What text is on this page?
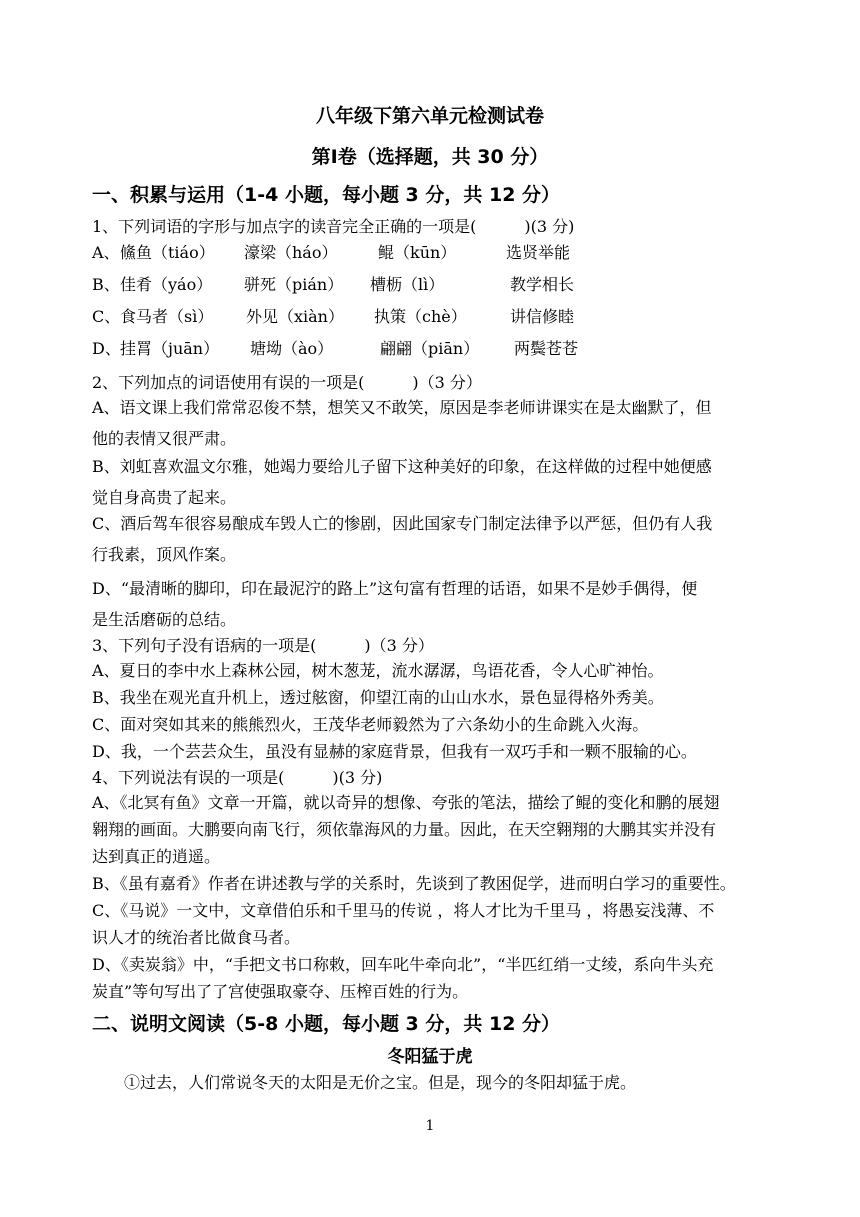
八年级下第六单元检测试卷
第Ⅰ卷（选择题，共 30 分）
一、积累与运用（1-4 小题，每小题 3 分，共 12 分）
1、下列词语的字形与加点字的读音完全正确的一项是(　　　)(3 分)
A、 鯈鱼（tiáo） 濠梁（háo）	鲲（kūn）	选贤举能
B、 佳肴（yáo） 骈死（pián） 槽枥（lì）	教学相长
C、 食马者（sì） 外见（xiàn） 执策（chè）	讲信修睦
D、 挂罥（juān） 塘坳（ào）	翩翩（piān） 两鬓苍苍
2、下列加点的词语使用有误的一项是(　　　)（3 分）
A、语文课上我们常常忍俊不禁，想笑又不敢笑，原因是李老师讲课实在是太幽默了，但
他的表情又很严肃。
B、刘虹喜欢温文尔雅，她竭力要给儿子留下这种美好的印象，在这样做的过程中她便感
觉自身高贵了起来。
C、酒后驾车很容易酿成车毁人亡的惨剧，因此国家专门制定法律予以严惩，但仍有人我
行我素，顶风作案。
D、“最清晰的脚印，印在最泥泞的路上”这句富有哲理的话语，如果不是妙手偶得，便
是生活磨砺的总结。
3、下列句子没有语病的一项是(　　　)（3 分）
A、夏日的李中水上森林公园，树木葱茏，流水潺潺，鸟语花香，令人心旷神怡。
B、我坐在观光直升机上，透过舷窗，仰望江南的山山水水，景色显得格外秀美。
C、面对突如其来的熊熊烈火，王茂华老师毅然为了六条幼小的生命跳入火海。
D、我，一个芸芸众生，虽没有显赫的家庭背景，但我有一双巧手和一颗不服输的心。
4、下列说法有误的一项是(　　　)(3 分)
A、《北冥有鱼》文章一开篇，就以奇异的想像、夸张的笔法，描绘了鲲的变化和鹏的展翅
翱翔的画面。大鹏要向南飞行，须依靠海风的力量。因此，在天空翱翔的大鹏其实并没有
达到真正的逍遥。
B、《虽有嘉肴》作者在讲述教与学的关系时，先谈到了教困促学，进而明白学习的重要性。
C、《马说》一文中，文章借伯乐和千里马的传说 ，将人才比为千里马 ，将愚妄浅薄、不
识人才的统治者比做食马者。
D、《卖炭翁》中，“手把文书口称敕，回车叱牛牵向北”，“半匹红绡一丈绫，系向牛头充
炭直”等句写出了了宫使强取豪夺、压榨百姓的行为。
二、说明文阅读（5-8 小题，每小题 3 分，共 12 分）
冬阳猛于虎
①过去，人们常说冬天的太阳是无价之宝。但是，现今的冬阳却猛于虎。
1
